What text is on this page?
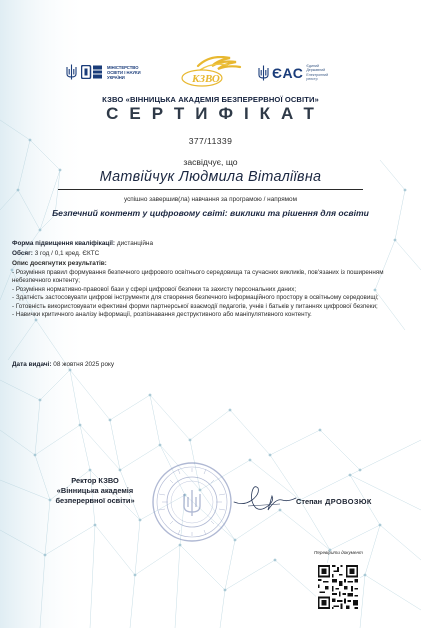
МІНІСТЕРСТВО ОСВІТИ І НАУКИ УКРАЇНИ	КЗВО	ЄАС Єдиний Державний Електронний реєстр
КЗВО «ВІННИЦЬКА АКАДЕМІЯ БЕЗПЕРЕРВНОЇ ОСВІТИ»
СЕРТИФІКАТ
377/11339
засвідчує, що
Матвійчук Людмила Віталіївна
успішно завершив(ла) навчання за програмою / напрямом
Безпечний контент у цифровому світі: виклики та рішення для освіти
Форма підвищення кваліфікації: дистанційна
Обсяг: 3 год / 0,1 кред. ЄКТС
Опис досягнутих результатів:
- Розуміння правил формування безпечного цифрового освітнього середовища та сучасних викликів, пов'язаних із поширенням небезпечного контенту;
- Розуміння нормативно-правової бази у сфері цифрової безпеки та захисту персональних даних;
- Здатність застосовувати цифрові інструменти для створення безпечного інформаційного простору в освітньому середовищі;
- Готовність використовувати ефективні форми партнерської взаємодії педагогів, учнів і батьків у питаннях цифрової безпеки;
- Навички критичного аналізу інформації, розпізнавання деструктивного або маніпулятивного контенту.
Дата видачі: 08 жовтня 2025 року
Ректор КЗВО
«Вінницька академія
безперервної освіти»	Степан ДРОВОЗЮК
Перевірити документ
